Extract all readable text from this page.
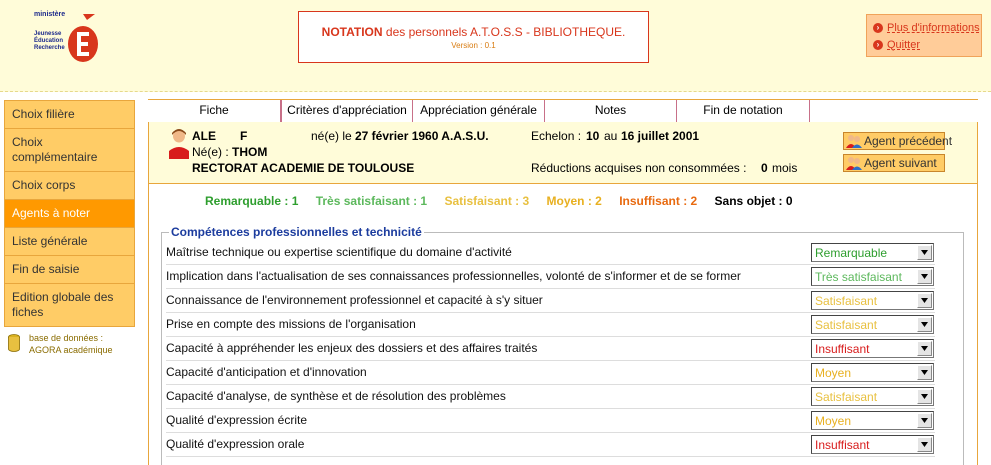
ministère
Jeunesse
Éducation
Recherche
NOTATION des personnels A.T.O.S.S - BIBLIOTHEQUE.
Version : 0.1
› Plus d'informations
› Quitter
Choix filière
Choix complémentaire
Choix corps
Agents à noter
Liste générale
Fin de saisie
Edition globale des fiches
base de données :
AGORA académique
Fiche	Critères d'appréciation	Appréciation générale	Notes	Fin de notation
ALE F	né(e) le 27 février 1960 A.A.S.U.
Né(e) : THOM
RECTORAT ACADEMIE DE TOULOUSE
Echelon : 10 au 16 juillet 2001
Réductions acquises non consommées : 0 mois
Agent précédent
Agent suivant
Remarquable : 1 Très satisfaisant : 1 Satisfaisant : 3 Moyen : 2 Insuffisant : 2 Sans objet : 0
Compétences professionnelles et technicité
Maîtrise technique ou expertise scientifique du domaine d'activité	Remarquable
Implication dans l'actualisation de ses connaissances professionnelles, volonté de s'informer et de se former	Très satisfaisant
Connaissance de l'environnement professionnel et capacité à s'y situer	Satisfaisant
Prise en compte des missions de l'organisation	Satisfaisant
Capacité à appréhender les enjeux des dossiers et des affaires traités	Insuffisant
Capacité d'anticipation et d'innovation	Moyen
Capacité d'analyse, de synthèse et de résolution des problèmes	Satisfaisant
Qualité d'expression écrite	Moyen
Qualité d'expression orale	Insuffisant
